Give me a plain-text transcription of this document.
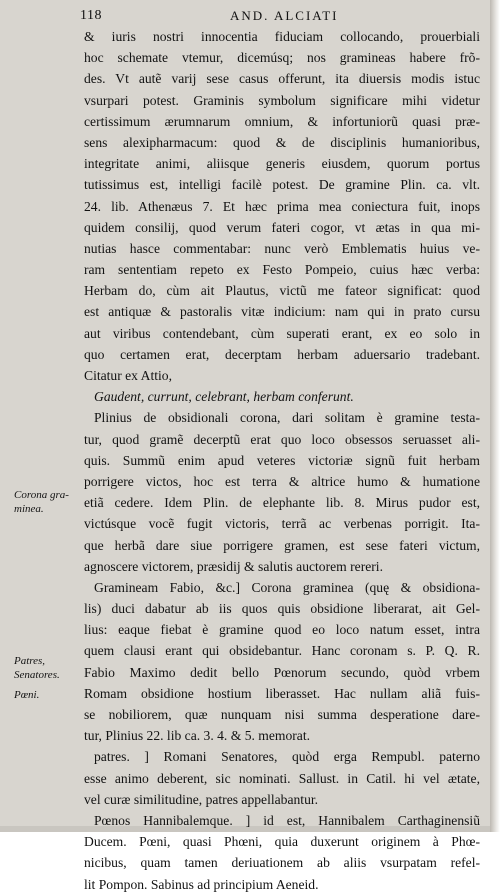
118	AND. ALCIATI
& iuris nostri innocentia fiduciam collocando, prouerbiali
hoc schemate vtemur, dicemúsq; nos gramineas habere frõ-
des. Vt autẽ varij sese casus offerunt, ita diuersis modis istuc
vsurpari potest. Graminis symbolum significare mihi videtur
certissimum ærumnarum omnium, & infortuniorũ quasi præ-
sens alexipharmacum: quod & de disciplinis humanioribus,
integritate animi, aliisque generis eiusdem, quorum portus
tutissimus est, intelligi facilè potest. De gramine Plin. ca. vlt.
24. lib. Athenæus 7. Et hæc prima mea coniectura fuit, inops
quidem consilij, quod verum fateri cogor, vt ætas in qua mi-
nutias hasce commentabar: nunc verò Emblematis huius ve-
ram sententiam repeto ex Festo Pompeio, cuius hæc verba:
Herbam do, cùm ait Plautus, victũ me fateor significat: quod
est antiquæ & pastoralis vitæ indicium: nam qui in prato cursu
aut viribus contendebant, cùm superati erant, ex eo solo in
quo certamen erat, decerptam herbam aduersario tradebant.
Citatur ex Attio,
Gaudent, currunt, celebrant, herbam conferunt.
Plinius de obsidionali corona, dari solitam è gramine testa-
tur, quod gramẽ decerptũ erat quo loco obsessos seruasset ali-
quis. Summũ enim apud veteres victoriæ signũ fuit herbam
porrigere victos, hoc est terra & altrice humo & humatione
etiã cedere. Idem Plin. de elephante lib. 8. Mirus pudor est,
victúsque vocẽ fugit victoris, terrã ac verbenas porrigit. Ita-
que herbã dare siue porrigere gramen, est sese fateri victum,
agnoscere victorem, præsidij & salutis auctorem rereri.
Gramineam Fabio, &c.] Corona graminea (quę & obsidiona-
lis) duci dabatur ab iis quos quis obsidione liberarat, ait Gel-
lius: eaque fiebat è gramine quod eo loco natum esset, intra
quem clausi erant qui obsidebantur. Hanc coronam s. P. Q. R.
Fabio Maximo dedit bello Pœnorum secundo, quòd vrbem
Romam obsidione hostium liberasset. Hac nullam aliã fuis-
se nobiliorem, quæ nunquam nisi summa desperatione dare-
tur, Plinius 22. lib ca. 3. 4. & 5. memorat.
patres. ] Romani Senatores, quòd erga Rempubl. paterno
esse animo deberent, sic nominati. Sallust. in Catil. hi vel ætate,
vel curæ similitudine, patres appellabantur.
Pœnos Hannibalemque. ] id est, Hannibalem Carthaginensiũ
Ducem. Pœni, quasi Phœni, quia duxerunt originem à Phœ-
nicibus, quam tamen deriuationem ab aliis vsurpatam refel-
lit Pompon. Sabinus ad principium Aeneid.
Corona gra-
minea.
Patres,
Senatores.
Pœni.
